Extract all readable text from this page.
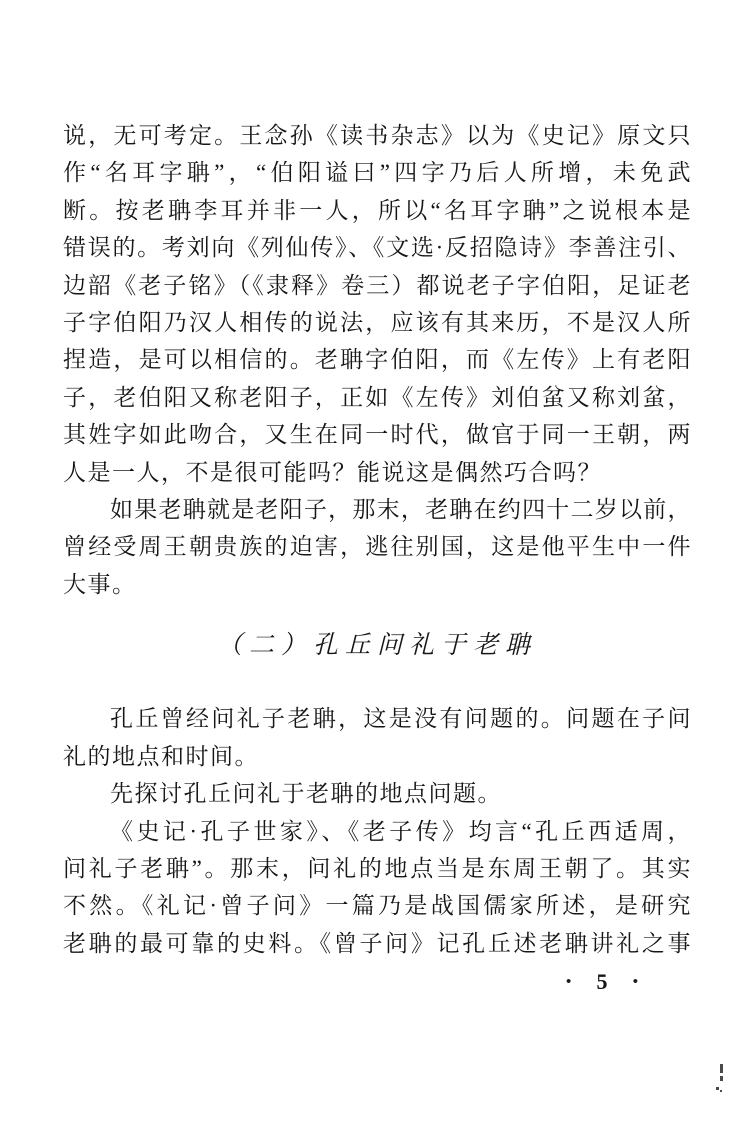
说，无可考定。王念孙《读书杂志》以为《史记》原文只
作“名耳字聃”，“伯阳谥曰”四字乃后人所增，未免武
断。按老聃李耳并非一人，所以“名耳字聃”之说根本是
错误的。考刘向《列仙传》、《文选·反招隐诗》李善注引、
边韶《老子铭》（《隶释》卷三）都说老子字伯阳，足证老
子字伯阳乃汉人相传的说法，应该有其来历，不是汉人所
捏造，是可以相信的。老聃字伯阳，而《左传》上有老阳
子，老伯阳又称老阳子，正如《左传》刘伯蚠又称刘蚠，
其姓字如此吻合，又生在同一时代，做官于同一王朝，两
人是一人，不是很可能吗？能说这是偶然巧合吗？
如果老聃就是老阳子，那末，老聃在约四十二岁以前，
曾经受周王朝贵族的迫害，逃往别国，这是他平生中一件
大事。
（二）孔丘问礼于老聃
孔丘曾经问礼子老聃，这是没有问题的。问题在子问
礼的地点和时间。
先探讨孔丘问礼于老聃的地点问题。
《史记·孔子世家》、《老子传》均言“孔丘西适周，
问礼子老聃”。那末，问礼的地点当是东周王朝了。其实
不然。《礼记·曾子问》一篇乃是战国儒家所述，是研究
老聃的最可靠的史料。《曾子问》记孔丘述老聃讲礼之事
• 5 •
